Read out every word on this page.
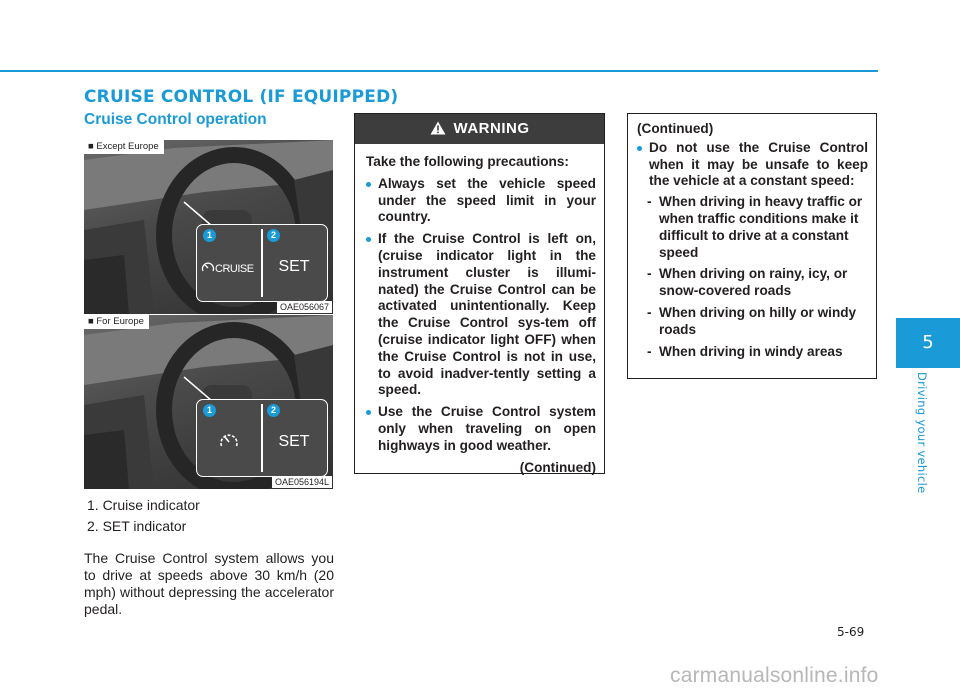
CRUISE CONTROL (IF EQUIPPED)
Cruise Control operation
■ Except Europe
1	2
CRUISE	SET
OAE056067
■ For Europe
1	2
SET
OAE056194L
1. Cruise indicator
2. SET indicator

The Cruise Control system allows you to drive at speeds above 30 km/h (20 mph) without depressing the accelerator pedal.

WARNING

Take the following precautions:

Always set the vehicle speed under the speed limit in your country.
If the Cruise Control is left on, (cruise indicator light in the instrument cluster is illumi-nated) the Cruise Control can be activated unintentionally. Keep the Cruise Control sys-tem off (cruise indicator light OFF) when the Cruise Control is not in use, to avoid inadver-tently setting a speed.
Use the Cruise Control system only when traveling on open highways in good weather.

(Continued)

(Continued)

Do not use the Cruise Control when it may be unsafe to keep the vehicle at a constant speed:
- When driving in heavy traffic or when traffic conditions make it difficult to drive at a constant speed
- When driving on rainy, icy, or snow-covered roads
- When driving on hilly or windy roads
- When driving in windy areas	5
Driving your vehicle
5-69
carmanualsonline.info
